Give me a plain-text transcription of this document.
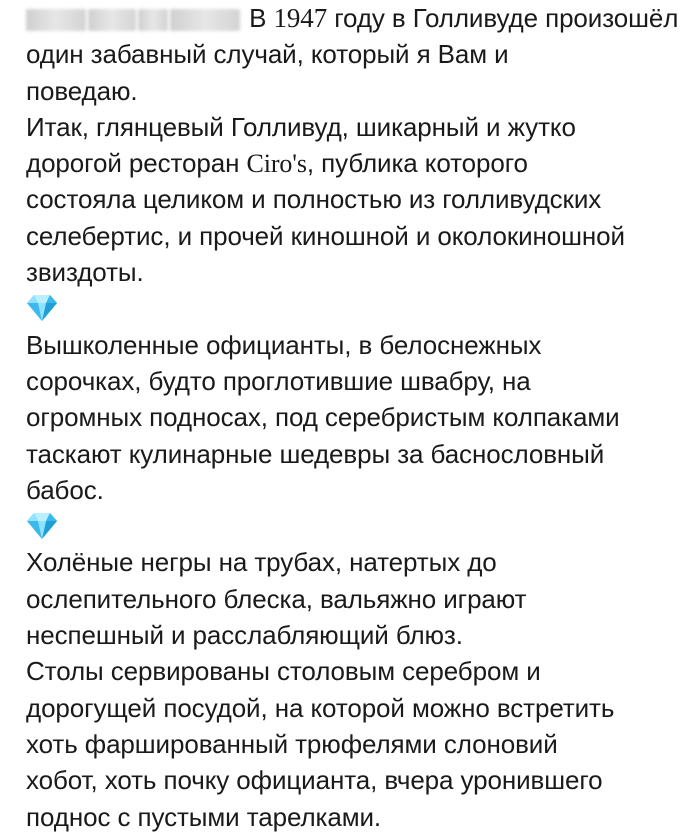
В 1947 году в Голливуде произошёл
один забавный случай, который я Вам и
поведаю.
Итак, глянцевый Голливуд, шикарный и жутко
дорогой ресторан Ciro's, публика которого
состояла целиком и полностью из голливудских
селебертис, и прочей киношной и околокиношной
звиздоты.
Вышколенные официанты, в белоснежных
сорочках, будто проглотившие швабру, на
огромных подносах, под серебристым колпаками
таскают кулинарные шедевры за баснословный
бабос.
Холёные негры на трубах, натертых до
ослепительного блеска, вальяжно играют
неспешный и расслабляющий блюз.
Столы сервированы столовым серебром и
дорогущей посудой, на которой можно встретить
хоть фаршированный трюфелями слоновий
хобот, хоть почку официанта, вчера уронившего
поднос с пустыми тарелками.
